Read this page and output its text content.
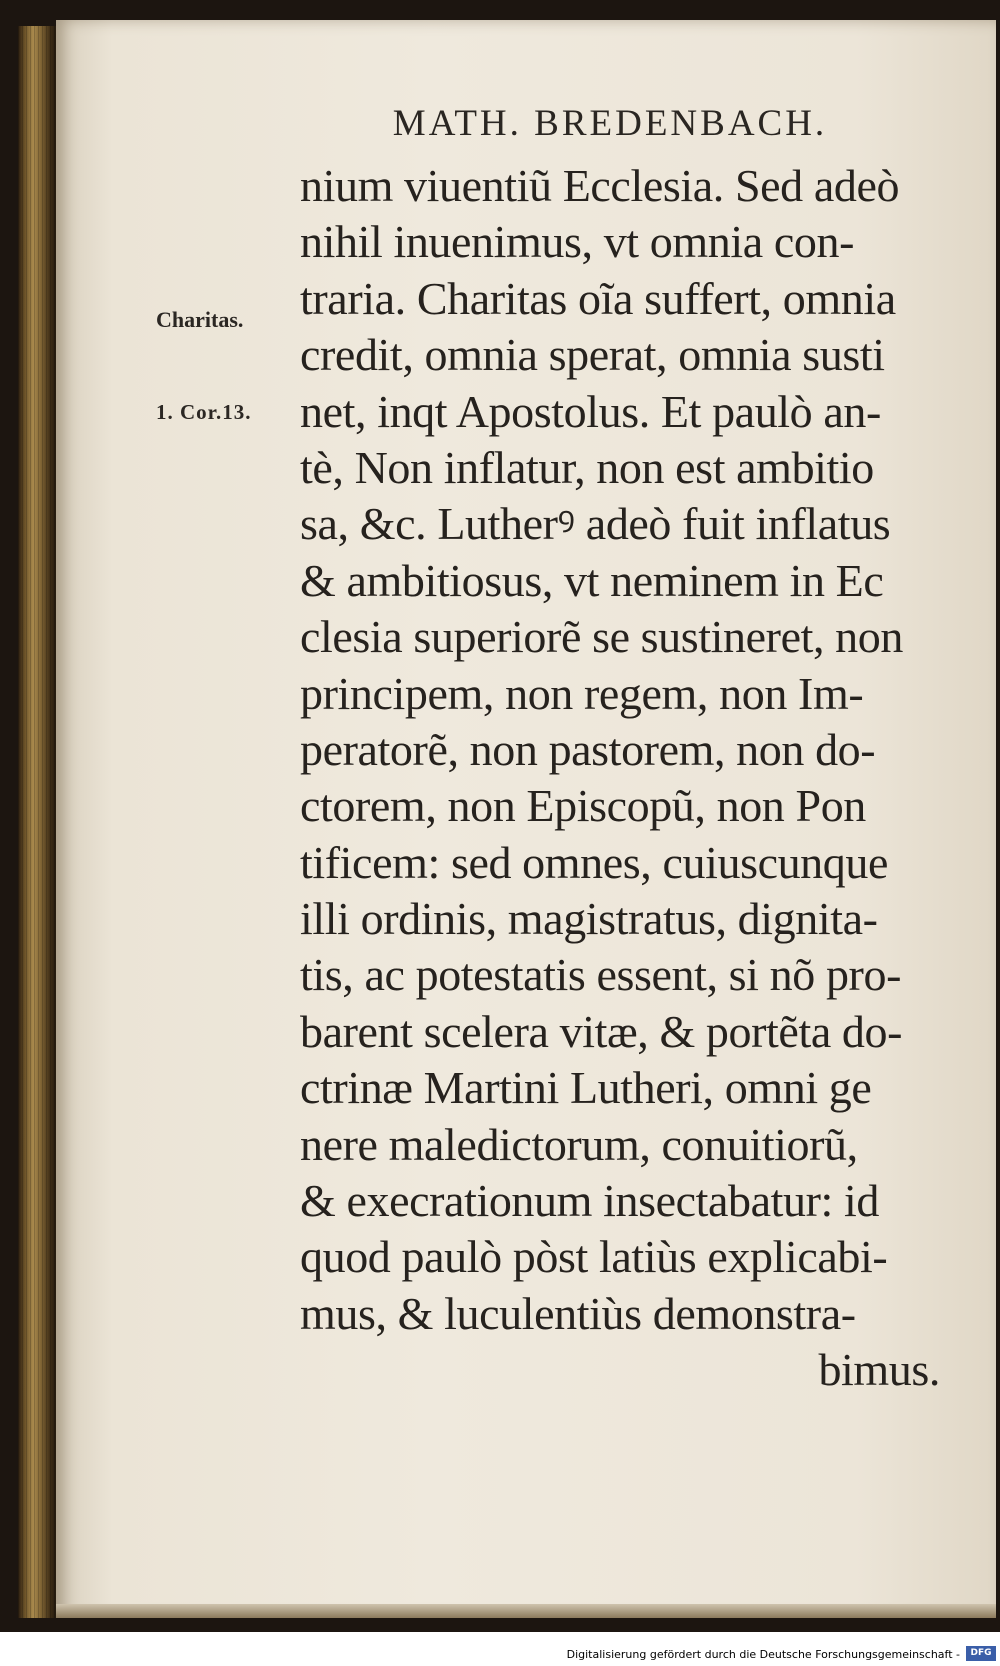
MATH. BREDENBACH.
Charitas.
1. Cor.13.
nium viuentiũ Ecclesia. Sed adeò
nihil inuenimus, vt omnia con-
traria. Charitas oĩa suffert, omnia
credit, omnia sperat, omnia susti
net, inqt Apostolus. Et paulò an-
tè, Non inflatur, non est ambitio
sa, &c. Lutherꝰ adeò fuit inflatus
& ambitiosus, vt neminem in Ec
clesia superiorẽ se sustineret, non
principem, non regem, non Im-
peratorẽ, non pastorem, non do-
ctorem, non Episcopũ, non Pon
tificem: sed omnes, cuiuscunque
illi ordinis, magistratus, dignita-
tis, ac potestatis essent, si nõ pro-
barent scelera vitæ, & portẽta do-
ctrinæ Martini Lutheri, omni ge
nere maledictorum, conuitiorũ,
& execrationum insectabatur: id
quod paulò pòst latiùs explicabi-
mus, & luculentiùs demonstra-
bimus.
Digitalisierung gefördert durch die Deutsche Forschungsgemeinschaft -	DFG
